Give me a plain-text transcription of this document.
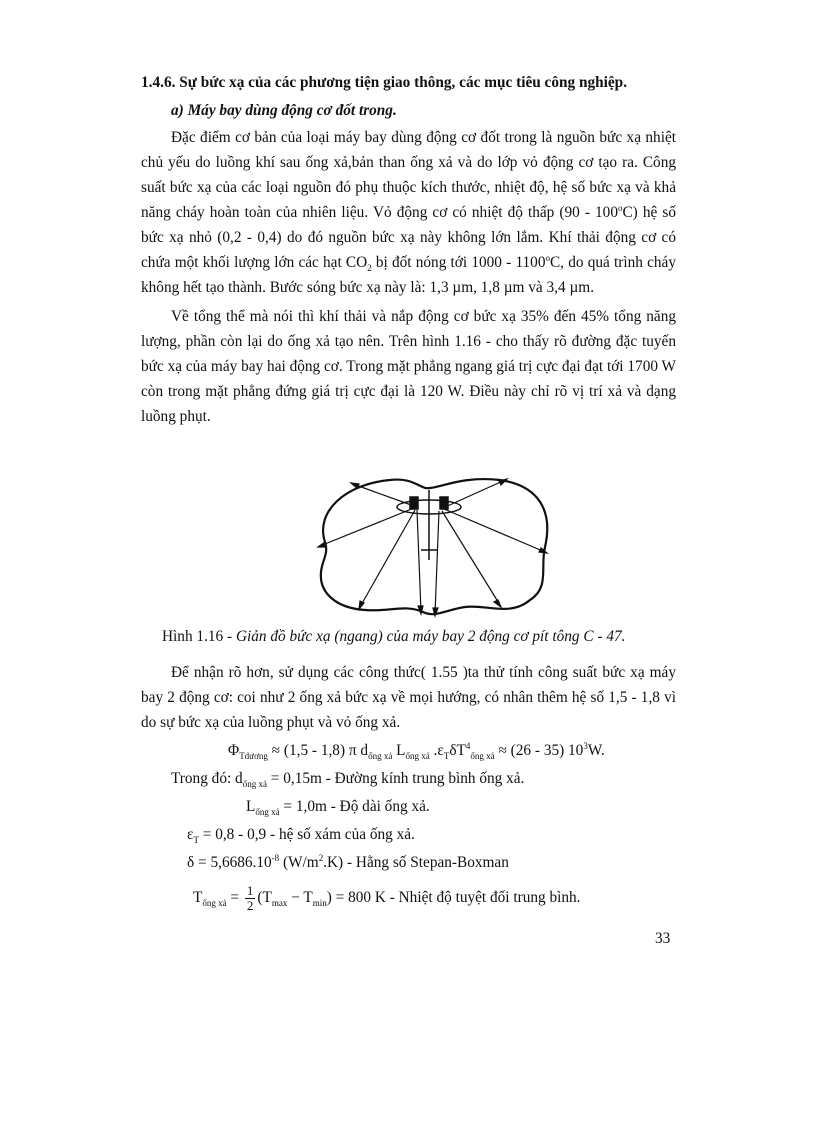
1.4.6. Sự bức xạ của các phương tiện giao thông, các mục tiêu công nghiệp.

a) Máy bay dùng động cơ đốt trong.

Đặc điểm cơ bản của loại máy bay dùng động cơ đốt trong là nguồn bức xạ nhiệt chủ yếu do luồng khí sau ống xả,bản than ống xả và do lớp vỏ động cơ tạo ra. Công suất bức xạ của các loại nguồn đó phụ thuộc kích thước, nhiệt độ, hệ số bức xạ và khả năng cháy hoàn toàn của nhiên liệu. Vỏ động cơ có nhiệt độ thấp (90 - 100$^o$C) hệ số bức xạ nhỏ (0,2 - 0,4) do đó nguồn bức xạ này không lớn lắm. Khí thải động cơ có chứa một khối lượng lớn các hạt $CO_2$ bị đốt nóng tới 1000 - 1100$^o$C, do quá trình cháy không hết tạo thành. Bước sóng bức xạ này là: 1,3 µm, 1,8 µm và 3,4 µm.

Về tổng thể mà nói thì khí thải và nắp động cơ bức xạ 35% đến 45% tổng năng lượng, phần còn lại do ống xả tạo nên. Trên hình 1.16 - cho thấy rõ đường đặc tuyến bức xạ của máy bay hai động cơ. Trong mặt phẳng ngang giá trị cực đại đạt tới 1700 W còn trong mặt phẳng đứng giá trị cực đại là 120 W. Điều này chỉ rõ vị trí xả và dạng luồng phụt.

Hình 1.16 - Giản đồ bức xạ (ngang) của máy bay 2 động cơ pít tông C - 47.

Để nhận rõ hơn, sử dụng các công thức( 1.55 )ta thử tính công suất bức xạ máy bay 2 động cơ: coi như 2 ống xả bức xạ về mọi hướng, có nhân thêm hệ số 1,5 - 1,8 vì do sự bức xạ của luồng phụt và vỏ ống xả.

$\Phi_{Tdương} \approx (1,5 - 1,8)$ π $d_{ống xả}$ $L_{ống xả}$ $.\varepsilon_T\delta T^4_{ống xả} \approx (26 - 35)$ $10^3W$.
Trong đó: $d_{ống xả} = 0,15m$ - Đường kính trung bình ống xả.
$L_{ống xả} = 1,0m$ - Độ dài ống xả.
$\varepsilon_T = 0,8 - 0,9$ - hệ số xám của ống xả.
$\delta = 5,6686.10^{-8}$ $(W/m^2.K)$ - Hằng số Stepan-Boxman
$T_{ống xả} = \frac{1}{2} (T_{max} - T_{min}) = 800$ K - Nhiệt độ tuyệt đối trung bình.
33
